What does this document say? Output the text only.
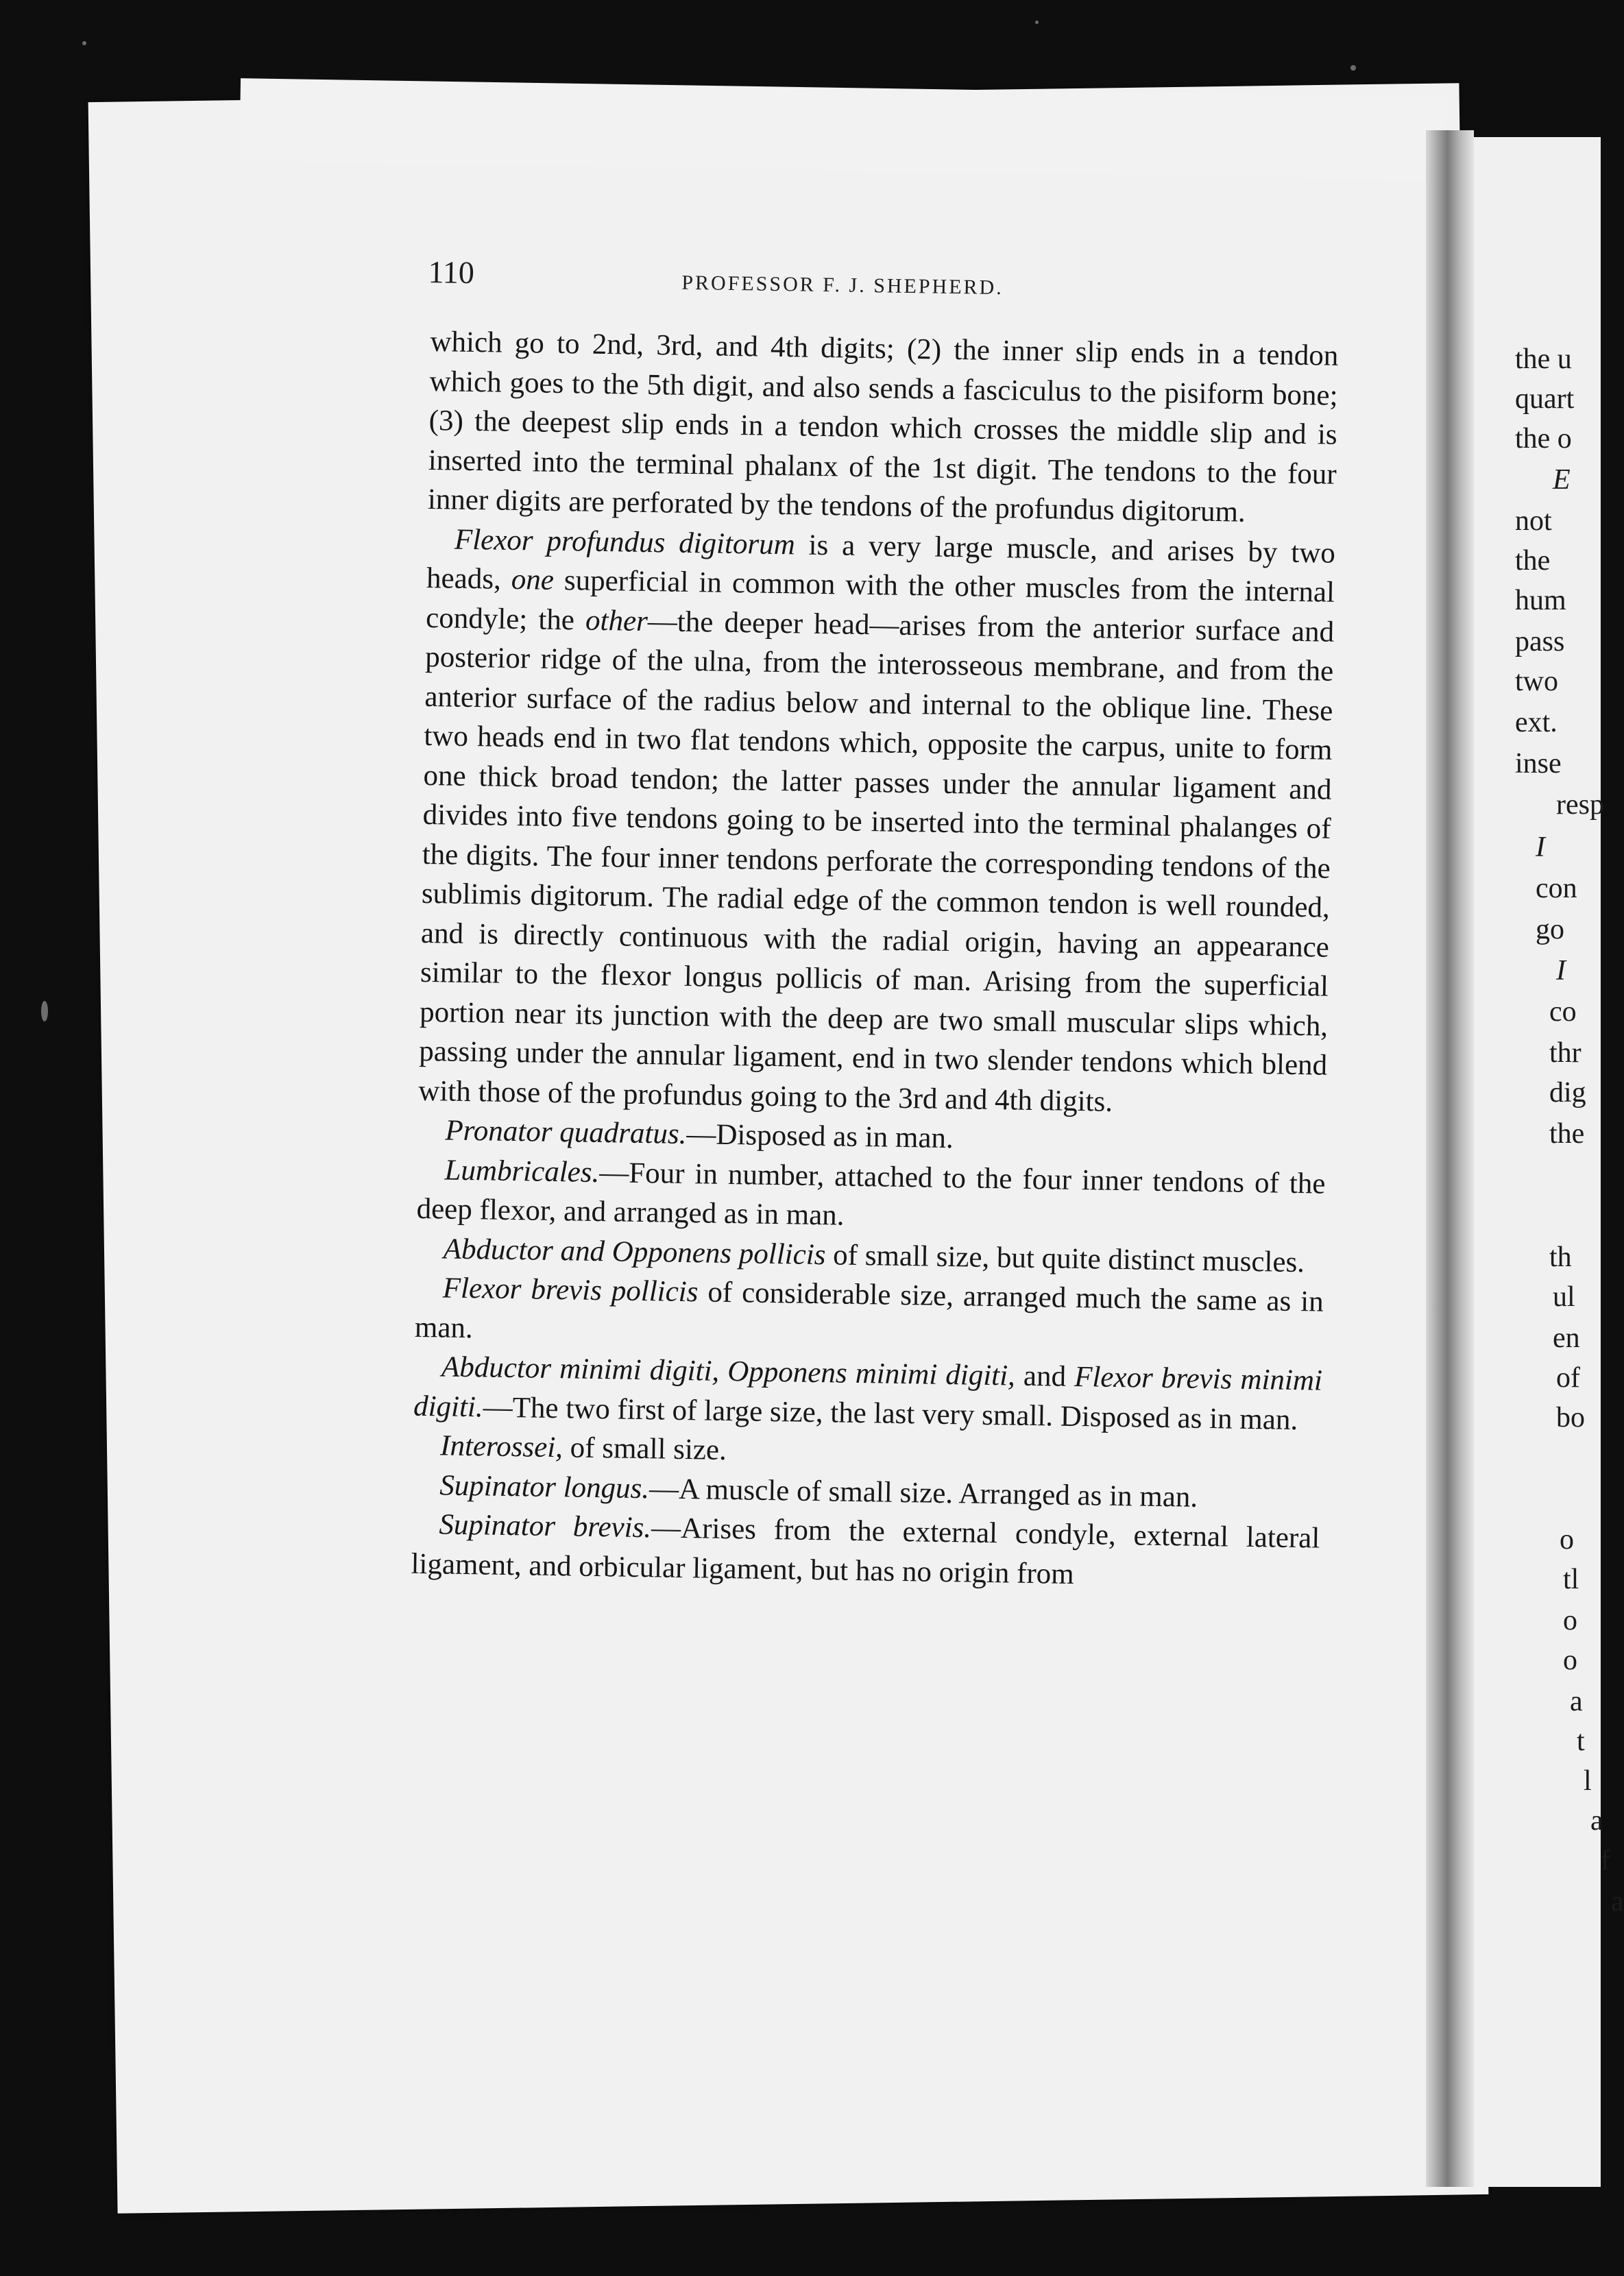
110	PROFESSOR F. J. SHEPHERD.

which go to 2nd, 3rd, and 4th digits; (2) the inner slip ends in a tendon which goes to the 5th digit, and also sends a fasciculus to the pisiform bone; (3) the deepest slip ends in a tendon which crosses the middle slip and is inserted into the terminal phalanx of the 1st digit. The tendons to the four inner digits are perforated by the tendons of the profundus digitorum.

Flexor profundus digitorum is a very large muscle, and arises by two heads, one superficial in common with the other muscles from the internal condyle; the other—the deeper head—arises from the anterior surface and posterior ridge of the ulna, from the interosseous membrane, and from the anterior surface of the radius below and internal to the oblique line. These two heads end in two flat tendons which, opposite the carpus, unite to form one thick broad tendon; the latter passes under the annular ligament and divides into five tendons going to be inserted into the terminal phalanges of the digits. The four inner tendons perforate the corresponding tendons of the sublimis digitorum. The radial edge of the common tendon is well rounded, and is directly continuous with the radial origin, having an appearance similar to the flexor longus pollicis of man. Arising from the superficial portion near its junction with the deep are two small muscular slips which, passing under the annular ligament, end in two slender tendons which blend with those of the profundus going to the 3rd and 4th digits.

Pronator quadratus.—Disposed as in man.

Lumbricales.—Four in number, attached to the four inner tendons of the deep flexor, and arranged as in man.

Abductor and Opponens pollicis of small size, but quite distinct muscles.

Flexor brevis pollicis of considerable size, arranged much the same as in man.

Abductor minimi digiti, Opponens minimi digiti, and Flexor brevis minimi digiti.—The two first of large size, the last very small. Disposed as in man.

Interossei, of small size.

Supinator longus.—A muscle of small size. Arranged as in man.

Supinator brevis.—Arises from the external condyle, external lateral ligament, and orbicular ligament, but has no origin from

the u
quart
the o
E
not
the
hum
pass
two
ext.
inse
resp
I
con
go
I
co
thr
dig
the
th
ul
en
of
bo
o
tl
o
o
a
t
l
a
f
a
